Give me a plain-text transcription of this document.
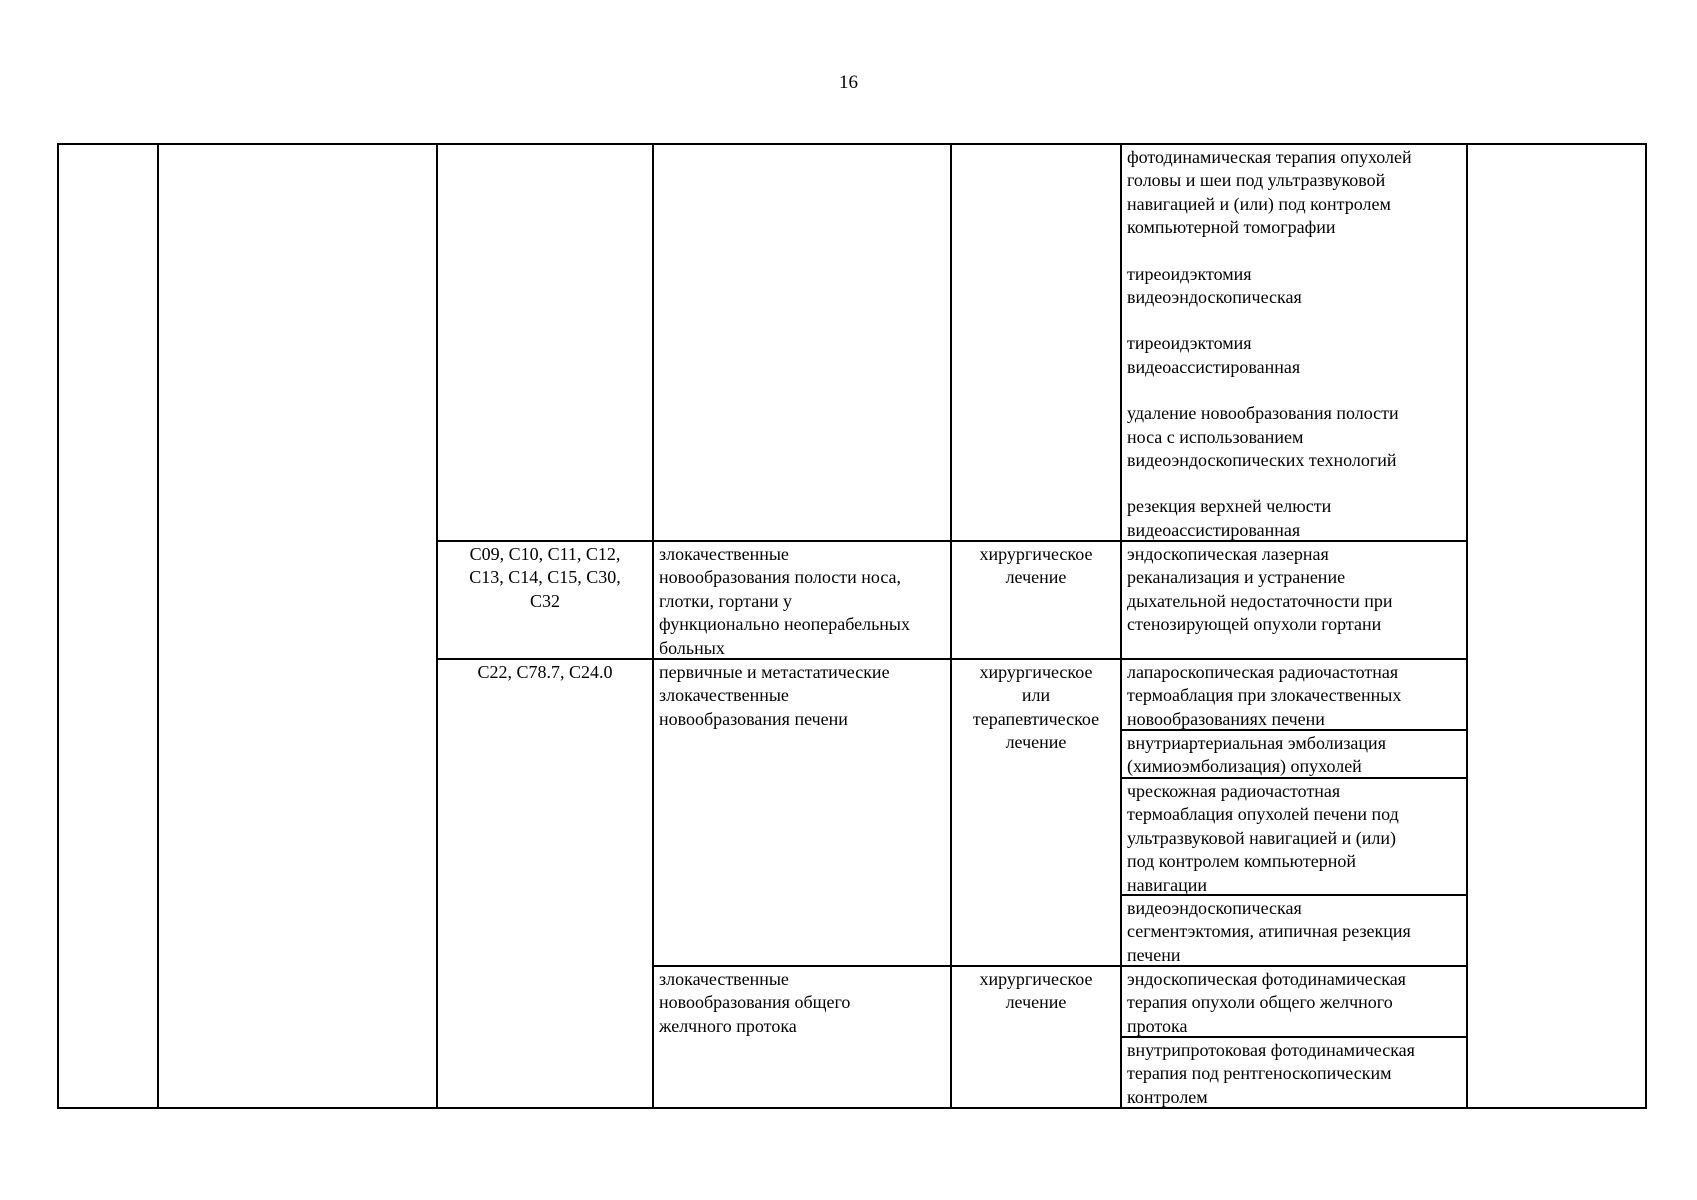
16
фотодинамическая терапия опухолей
головы и шеи под ультразвуковой
навигацией и (или) под контролем
компьютерной томографии
тиреоидэктомия
видеоэндоскопическая
тиреоидэктомия
видеоассистированная
удаление новообразования полости
носа с использованием
видеоэндоскопических технологий
резекция верхней челюсти
видеоассистированная
C09, C10, C11, C12,
C13, C14, C15, C30,
C32
злокачественные
новообразования полости носа,
глотки, гортани у
функционально неоперабельных
больных
хирургическое
лечение
эндоскопическая лазерная
реканализация и устранение
дыхательной недостаточности при
стенозирующей опухоли гортани
C22, C78.7, C24.0	первичные и метастатические
злокачественные
новообразования печени
хирургическое
или
терапевтическое
лечение
лапароскопическая радиочастотная
термоаблация при злокачественных
новообразованиях печени
внутриартериальная эмболизация
(химиоэмболизация) опухолей
чрескожная радиочастотная
термоаблация опухолей печени под
ультразвуковой навигацией и (или)
под контролем компьютерной
навигации
видеоэндоскопическая
сегментэктомия, атипичная резекция
печени
злокачественные
новообразования общего
желчного протока
хирургическое
лечение
эндоскопическая фотодинамическая
терапия опухоли общего желчного
протока
внутрипротоковая фотодинамическая
терапия под рентгеноскопическим
контролем
